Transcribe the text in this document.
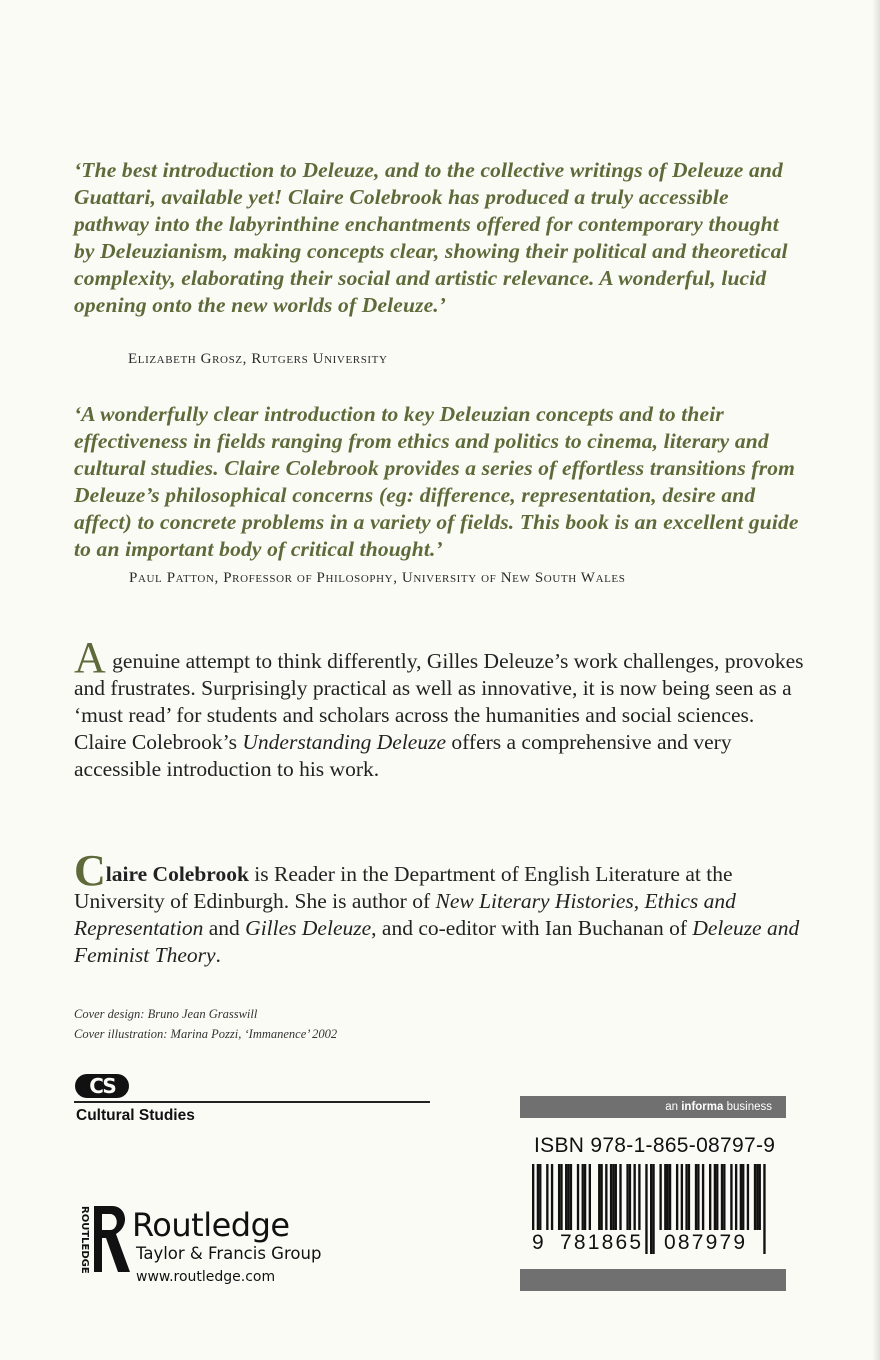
‘The best introduction to Deleuze, and to the collective writings of Deleuze and Guattari, available yet! Claire Colebrook has produced a truly accessible pathway into the labyrinthine enchantments offered for contemporary thought by Deleuzianism, making concepts clear, showing their political and theoretical complexity, elaborating their social and artistic relevance. A wonderful, lucid opening onto the new worlds of Deleuze.’
Elizabeth Grosz, Rutgers University
‘A wonderfully clear introduction to key Deleuzian concepts and to their effectiveness in fields ranging from ethics and politics to cinema, literary and cultural studies. Claire Colebrook provides a series of effortless transitions from Deleuze’s philosophical concerns (eg: difference, representation, desire and affect) to concrete problems in a variety of fields. This book is an excellent guide to an important body of critical thought.’
Paul Patton, Professor of Philosophy, University of New South Wales
A genuine attempt to think differently, Gilles Deleuze’s work challenges, provokes and frustrates. Surprisingly practical as well as innovative, it is now being seen as a ‘must read’ for students and scholars across the humanities and social sciences. Claire Colebrook’s Understanding Deleuze offers a comprehensive and very accessible introduction to his work.
Claire Colebrook is Reader in the Department of English Literature at the University of Edinburgh. She is author of New Literary Histories, Ethics and Representation and Gilles Deleuze, and co-editor with Ian Buchanan of Deleuze and Feminist Theory.
Cover design: Bruno Jean Grasswill
Cover illustration: Marina Pozzi, ‘Immanence’ 2002
CS
Cultural Studies
ROUTLEDGE Routledge
Taylor & Francis Group
www.routledge.com
an informa business
ISBN 978-1-865-08797-9
9 781865 087979
